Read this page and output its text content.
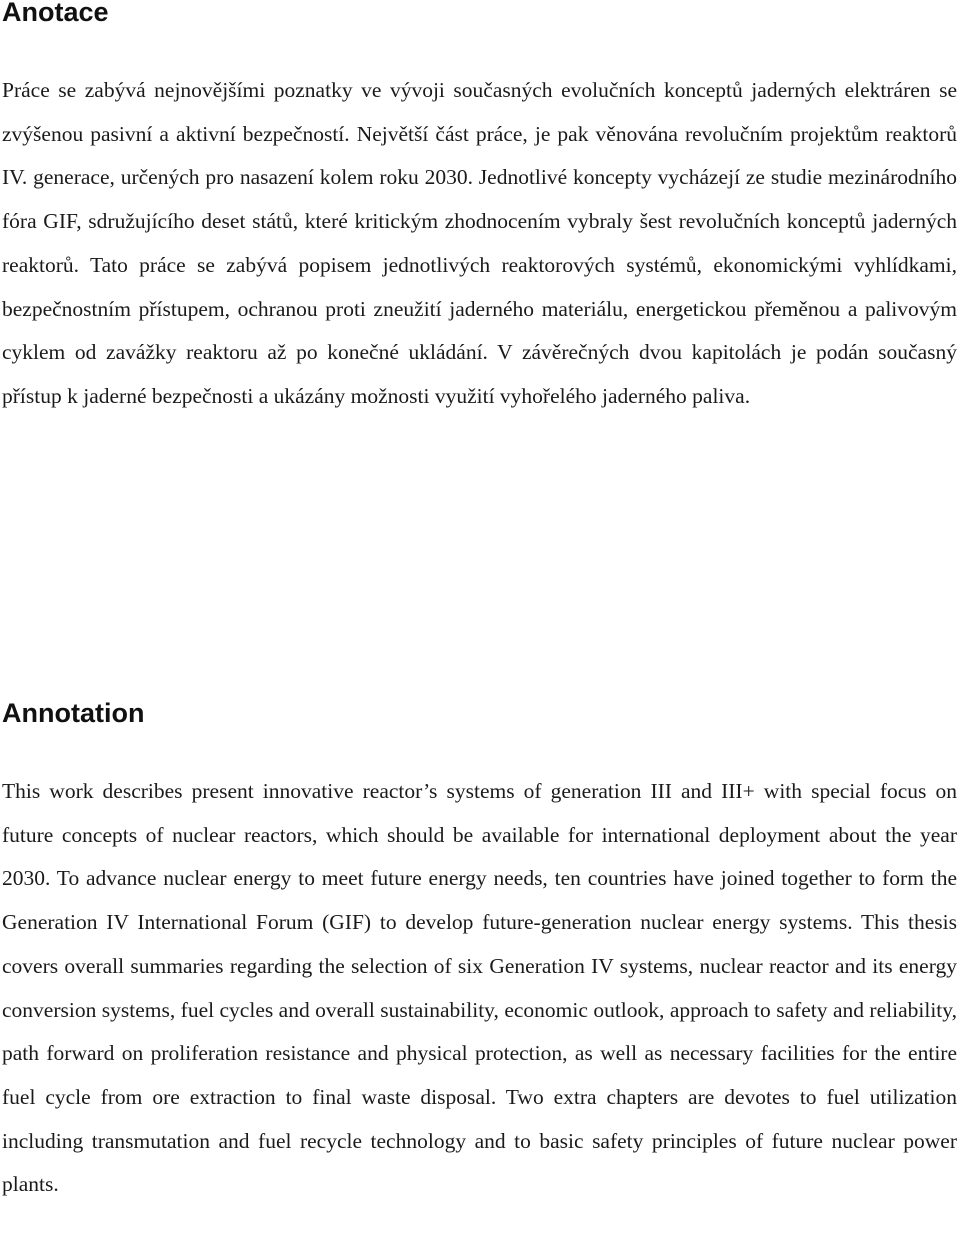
Anotace

Práce se zabývá nejnovějšími poznatky ve vývoji současných evolučních konceptů jaderných elektráren se zvýšenou pasivní a aktivní bezpečností. Největší část práce, je pak věnována revolučním projektům reaktorů IV. generace, určených pro nasazení kolem roku 2030. Jednotlivé koncepty vycházejí ze studie mezinárodního fóra GIF, sdružujícího deset států, které kritickým zhodnocením vybraly šest revolučních konceptů jaderných reaktorů. Tato práce se zabývá popisem jednotlivých reaktorových systémů, ekonomickými vyhlídkami, bezpečnostním přístupem, ochranou proti zneužití jaderného materiálu, energetickou přeměnou a palivovým cyklem od zavážky reaktoru až po konečné ukládání. V závěrečných dvou kapitolách je podán současný přístup k jaderné bezpečnosti a ukázány možnosti využití vyhořelého jaderného paliva.

Annotation

This work describes present innovative reactor’s systems of generation III and III+ with special focus on future concepts of nuclear reactors, which should be available for international deployment about the year 2030. To advance nuclear energy to meet future energy needs, ten countries have joined together to form the Generation IV International Forum (GIF) to develop future-generation nuclear energy systems. This thesis covers overall summaries regarding the selection of six Generation IV systems, nuclear reactor and its energy conversion systems, fuel cycles and overall sustainability, economic outlook, approach to safety and reliability, path forward on proliferation resistance and physical protection, as well as necessary facilities for the entire fuel cycle from ore extraction to final waste disposal. Two extra chapters are devotes to fuel utilization including transmutation and fuel recycle technology and to basic safety principles of future nuclear power plants.
